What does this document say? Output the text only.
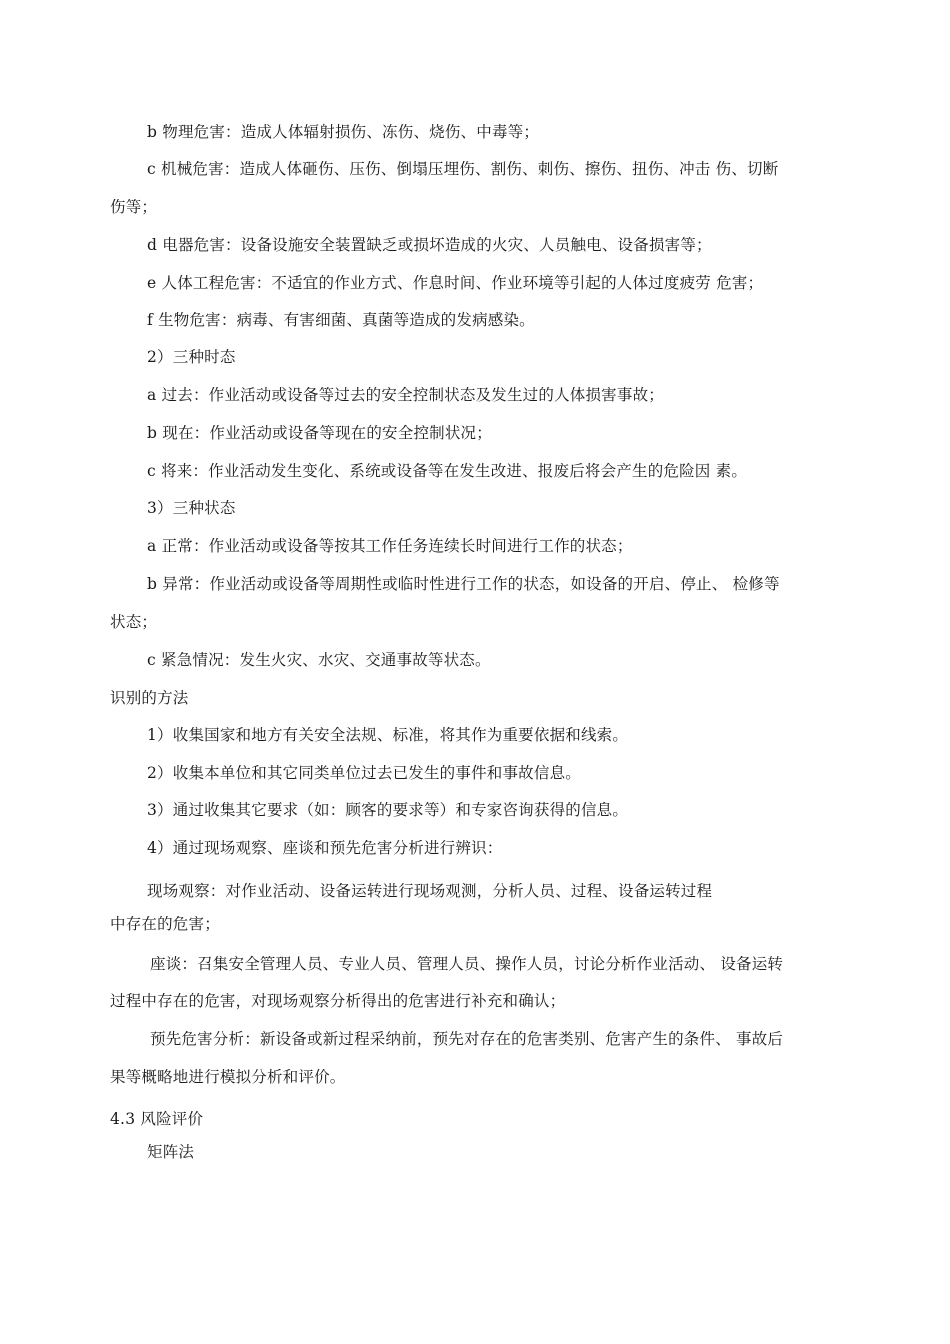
b 物理危害：造成人体辐射损伤、冻伤、烧伤、中毒等；
c 机械危害：造成人体砸伤、压伤、倒塌压埋伤、割伤、刺伤、擦伤、扭伤、冲击 伤、切断
伤等；
d 电器危害：设备设施安全装置缺乏或损坏造成的火灾、人员触电、设备损害等；
e 人体工程危害：不适宜的作业方式、作息时间、作业环境等引起的人体过度疲劳 危害；
f 生物危害：病毒、有害细菌、真菌等造成的发病感染。
2）三种时态
a 过去：作业活动或设备等过去的安全控制状态及发生过的人体损害事故；
b 现在：作业活动或设备等现在的安全控制状况；
c 将来：作业活动发生变化、系统或设备等在发生改进、报废后将会产生的危险因 素。
3）三种状态
a 正常：作业活动或设备等按其工作任务连续长时间进行工作的状态；
b 异常：作业活动或设备等周期性或临时性进行工作的状态，如设备的开启、停止、 检修等
状态；
c 紧急情况：发生火灾、水灾、交通事故等状态。
识别的方法
1）收集国家和地方有关安全法规、标准，将其作为重要依据和线索。
2）收集本单位和其它同类单位过去已发生的事件和事故信息。
3）通过收集其它要求（如：顾客的要求等）和专家咨询获得的信息。
4）通过现场观察、座谈和预先危害分析进行辨识：
现场观察：对作业活动、设备运转进行现场观测，分析人员、过程、设备运转过程
中存在的危害；
座谈：召集安全管理人员、专业人员、管理人员、操作人员，讨论分析作业活动、 设备运转
过程中存在的危害，对现场观察分析得出的危害进行补充和确认；
预先危害分析：新设备或新过程采纳前，预先对存在的危害类别、危害产生的条件、 事故后
果等概略地进行模拟分析和评价。
4.3 风险评价
矩阵法
